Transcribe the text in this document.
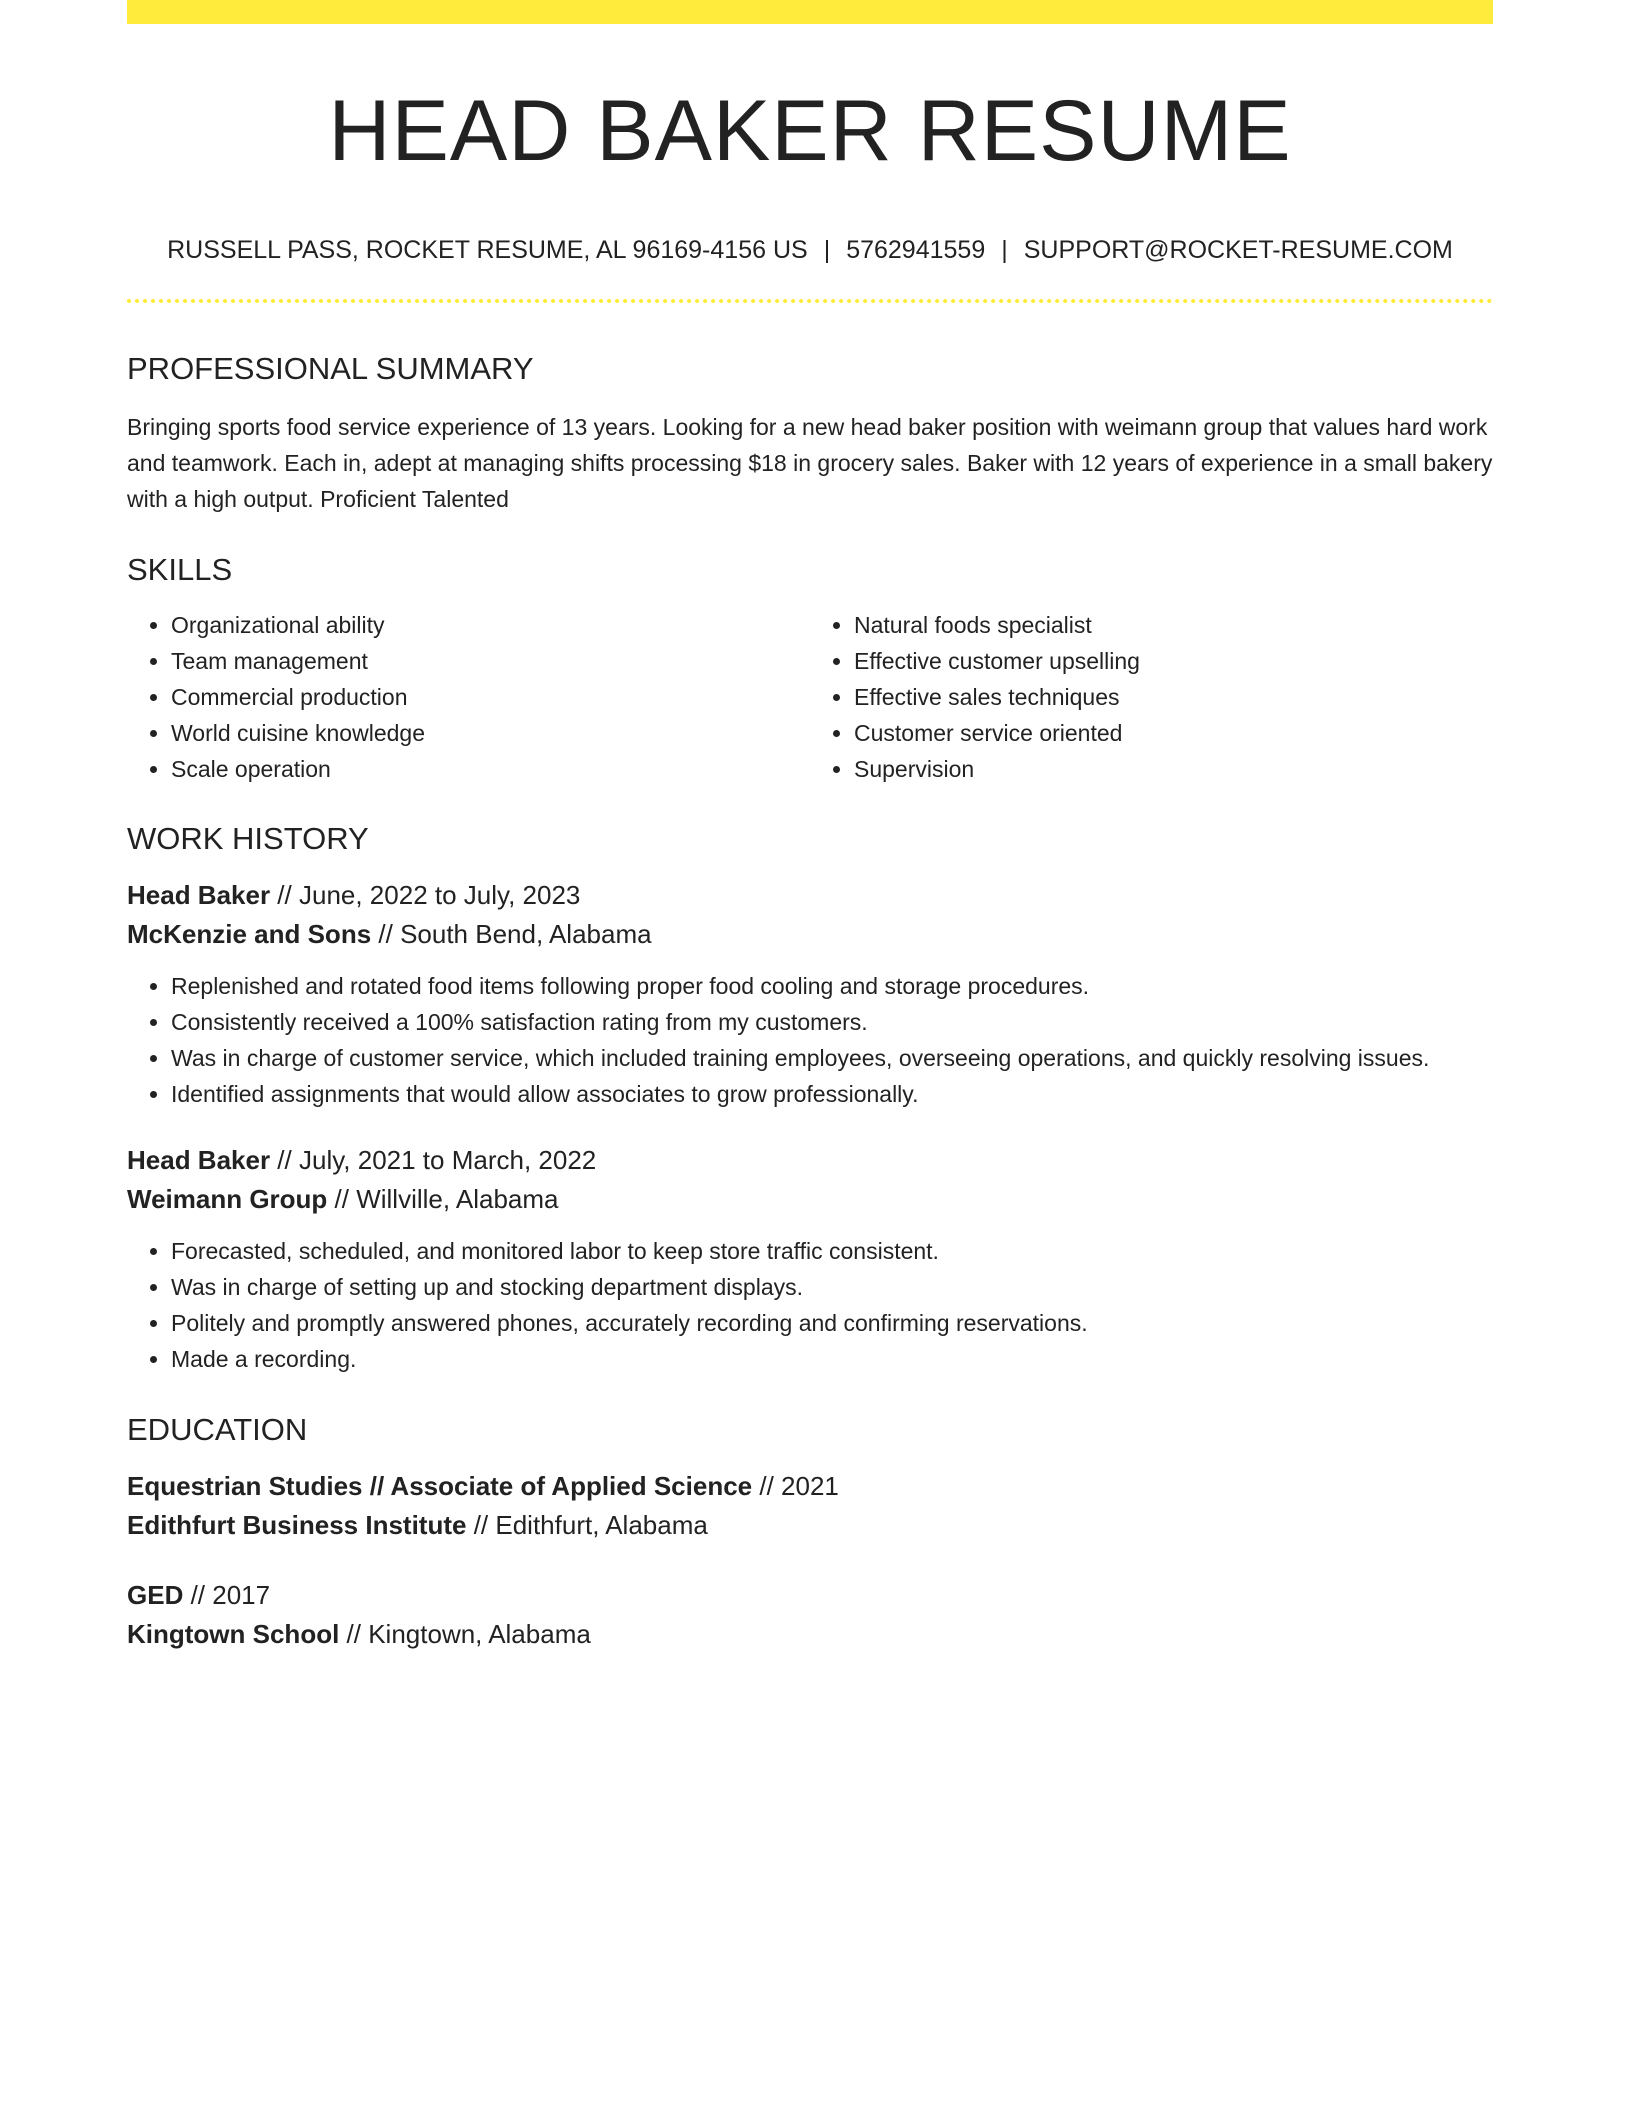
HEAD BAKER RESUME
RUSSELL PASS, ROCKET RESUME, AL 96169-4156 US | 5762941559 | SUPPORT@ROCKET-RESUME.COM
PROFESSIONAL SUMMARY
Bringing sports food service experience of 13 years. Looking for a new head baker position with weimann group that values hard work and teamwork. Each in, adept at managing shifts processing $18 in grocery sales. Baker with 12 years of experience in a small bakery with a high output. Proficient Talented
SKILLS
• Organizational ability
• Team management
• Commercial production
• World cuisine knowledge
• Scale operation
• Natural foods specialist
• Effective customer upselling
• Effective sales techniques
• Customer service oriented
• Supervision
WORK HISTORY
Head Baker // June, 2022 to July, 2023
McKenzie and Sons // South Bend, Alabama
• Replenished and rotated food items following proper food cooling and storage procedures.
• Consistently received a 100% satisfaction rating from my customers.
• Was in charge of customer service, which included training employees, overseeing operations, and quickly resolving issues.
• Identified assignments that would allow associates to grow professionally.
Head Baker // July, 2021 to March, 2022
Weimann Group // Willville, Alabama
• Forecasted, scheduled, and monitored labor to keep store traffic consistent.
• Was in charge of setting up and stocking department displays.
• Politely and promptly answered phones, accurately recording and confirming reservations.
• Made a recording.
EDUCATION
Equestrian Studies // Associate of Applied Science // 2021
Edithfurt Business Institute // Edithfurt, Alabama
GED // 2017
Kingtown School // Kingtown, Alabama
